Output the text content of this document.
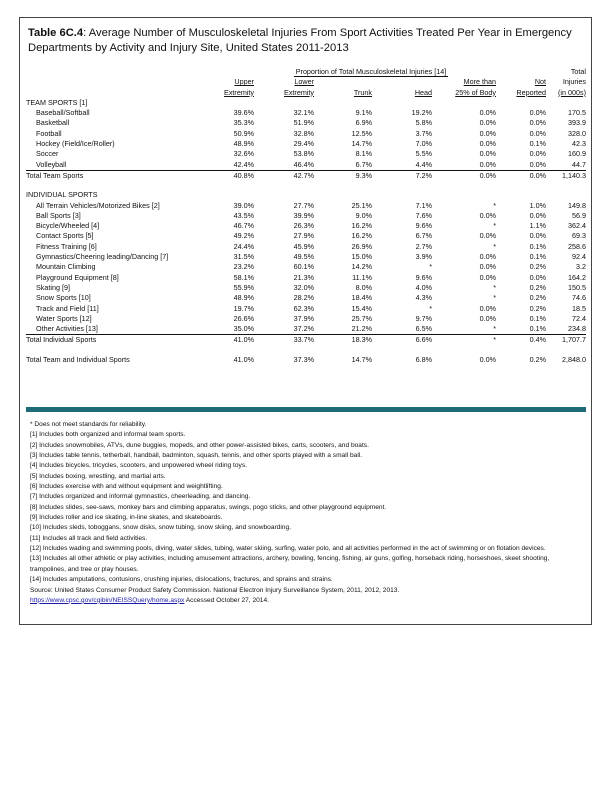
Table 6C.4: Average Number of Musculoskeletal Injuries From Sport Activities Treated Per Year in Emergency Departments by Activity and Injury Site, United States 2011-2013
	Proportion of Total Musculoskeletal Injuries [14]						Total
	Upper	Lower			More than	Not	Injuries
	Extremity	Extremity	Trunk	Head	25% of Body	Reported	(in 000s)
TEAM SPORTS [1]							
Baseball/Softball	39.6%	32.1%	9.1%	19.2%	0.0%	0.0%	170.5
Basketball	35.3%	51.9%	6.9%	5.8%	0.0%	0.0%	393.9
Football	50.9%	32.8%	12.5%	3.7%	0.0%	0.0%	328.0
Hockey (Field/Ice/Roller)	48.9%	29.4%	14.7%	7.0%	0.0%	0.1%	42.3
Soccer	32.6%	53.8%	8.1%	5.5%	0.0%	0.0%	160.9
Volleyball	42.4%	46.4%	6.7%	4.4%	0.0%	0.0%	44.7
Total Team Sports	40.8%	42.7%	9.3%	7.2%	0.0%	0.0%	1,140.3

INDIVIDUAL SPORTS							
All Terrain Vehicles/Motorized Bikes [2]	39.0%	27.7%	25.1%	7.1%	*	1.0%	149.8
Ball Sports [3]	43.5%	39.9%	9.0%	7.6%	0.0%	0.0%	56.9
Bicycle/Wheeled [4]	46.7%	26.3%	16.2%	9.6%	*	1.1%	362.4
Contact Sports [5]	49.2%	27.9%	16.2%	6.7%	0.0%	0.0%	69.3
Fitness Training [6]	24.4%	45.9%	26.9%	2.7%	*	0.1%	258.6
Gymnastics/Cheering leading/Dancing [7]	31.5%	49.5%	15.0%	3.9%	0.0%	0.1%	92.4
Mountain Climbing	23.2%	60.1%	14.2%	*	0.0%	0.2%	3.2
Playground Equipment [8]	58.1%	21.3%	11.1%	9.6%	0.0%	0.0%	164.2
Skating [9]	55.9%	32.0%	8.0%	4.0%	*	0.2%	150.5
Snow Sports [10]	48.9%	28.2%	18.4%	4.3%	*	0.2%	74.6
Track and Field [11]	19.7%	62.3%	15.4%	*	0.0%	0.2%	18.5
Water Sports [12]	26.6%	37.9%	25.7%	9.7%	0.0%	0.1%	72.4
Other Activities [13]	35.0%	37.2%	21.2%	6.5%	*	0.1%	234.8
Total Individual Sports	41.0%	33.7%	18.3%	6.6%	*	0.4%	1,707.7

Total Team and Individual Sports	41.0%	37.3%	14.7%	6.8%	0.0%	0.2%	2,848.0
* Does not meet standards for reliability.
[1] Includes both organized and informal team sports.
[2] Includes snowmobiles, ATVs, dune buggies, mopeds, and other power-assisted bikes, carts, scooters, and boats.
[3] Includes table tennis, tetherball, handball, badminton, squash, tennis, and other sports played with a small ball.
[4] Includes bicycles, tricycles, scooters, and unpowered wheel riding toys.
[5] Includes boxing, wrestling, and martial arts.
[6] Includes exercise with and without equipment and weightlifting.
[7] Includes organized and informal gymnastics, cheerleading, and dancing.
[8] Includes slides, see-saws, monkey bars and climbing apparatus, swings, pogo sticks, and other playground equipment.
[9] Includes roller and ice skating, in-line skates, and skateboards.
[10] Includes sleds, toboggans, snow disks, snow tubing, snow skiing, and snowboarding.
[11] Includes all track and field activities.
[12] Includes wading and swimming pools, diving, water slides, tubing, water skiing, surfing, water polo, and all activities performed in the act of swimming or on flotation devices.
[13] Includes all other athletic or play activities, including amusement attractions, archery, bowling, fencing, fishing, air guns, golfing, horseback riding, horseshoes, skeet shooting, trampolines, and tree or play houses.
[14] Includes amputations, contusions, crushing injuries, dislocations, fractures, and sprains and strains.
Source: United States Consumer Product Safety Commission. National Electron Injury Surveillance System, 2011, 2012, 2013.
https://www.cpsc.gov/cgibin/NEISSQuery/home.aspx Accessed October 27, 2014.
